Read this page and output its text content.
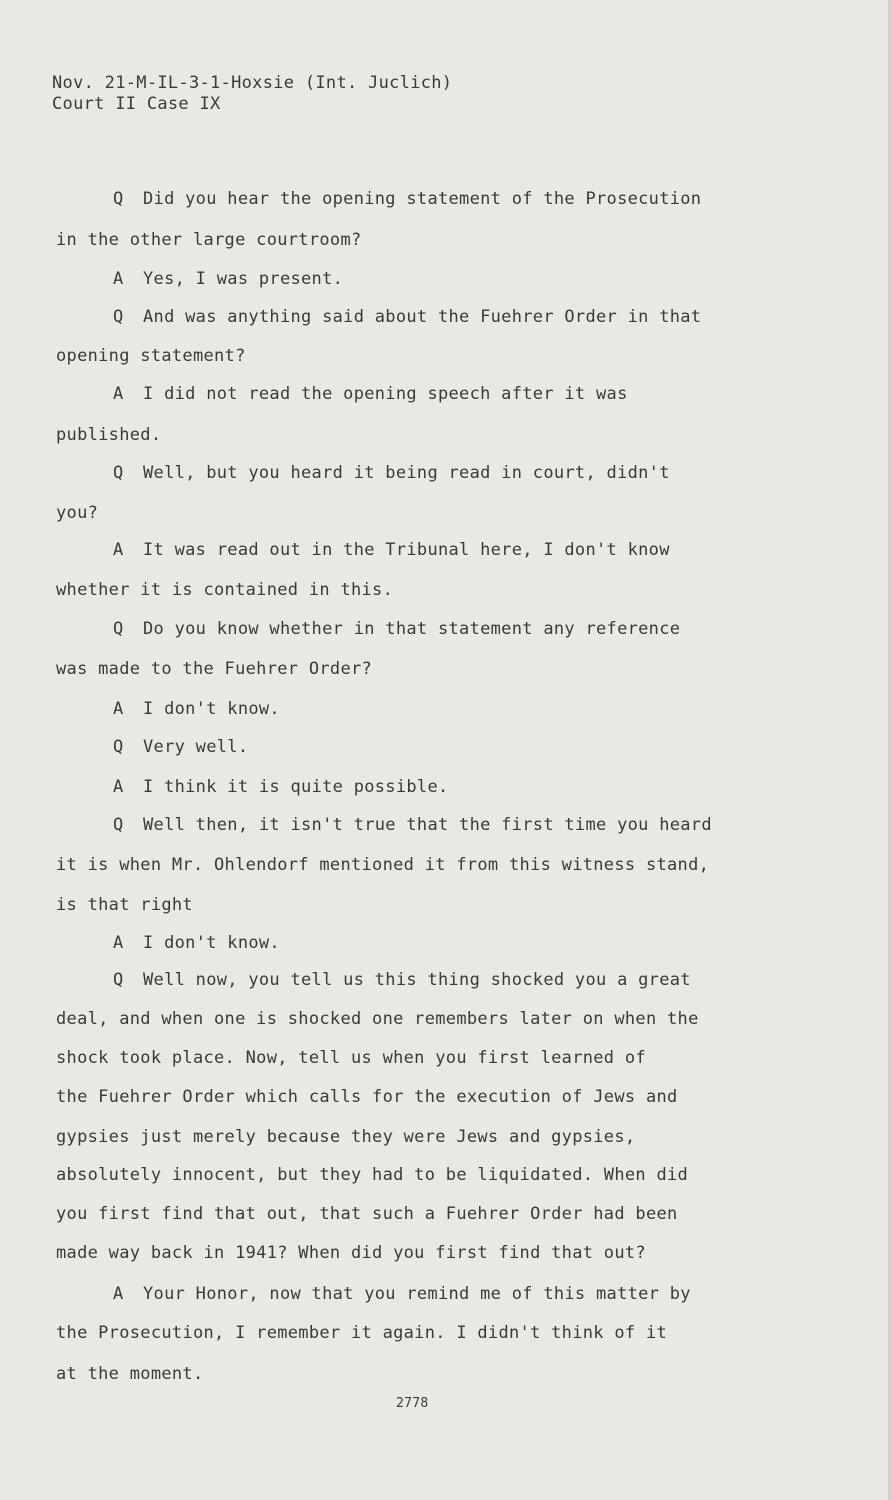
Nov. 21-M-IL-3-1-Hoxsie (Int. Juclich)
Court II Case IX
Q Did you hear the opening statement of the Prosecution
in the other large courtroom?
A Yes, I was present.
Q And was anything said about the Fuehrer Order in that
opening statement?
A I did not read the opening speech after it was
published.
Q Well, but you heard it being read in court, didn't
you?
A It was read out in the Tribunal here, I don't know
whether it is contained in this.
Q Do you know whether in that statement any reference
was made to the Fuehrer Order?
A I don't know.
Q Very well.
A I think it is quite possible.
Q Well then, it isn't true that the first time you heard
it is when Mr. Ohlendorf mentioned it from this witness stand,
is that right
A I don't know.
Q Well now, you tell us this thing shocked you a great
deal, and when one is shocked one remembers later on when the
shock took place. Now, tell us when you first learned of
the Fuehrer Order which calls for the execution of Jews and
gypsies just merely because they were Jews and gypsies,
absolutely innocent, but they had to be liquidated. When did
you first find that out, that such a Fuehrer Order had been
made way back in 1941? When did you first find that out?
A Your Honor, now that you remind me of this matter by
the Prosecution, I remember it again. I didn't think of it
at the moment.
2778
